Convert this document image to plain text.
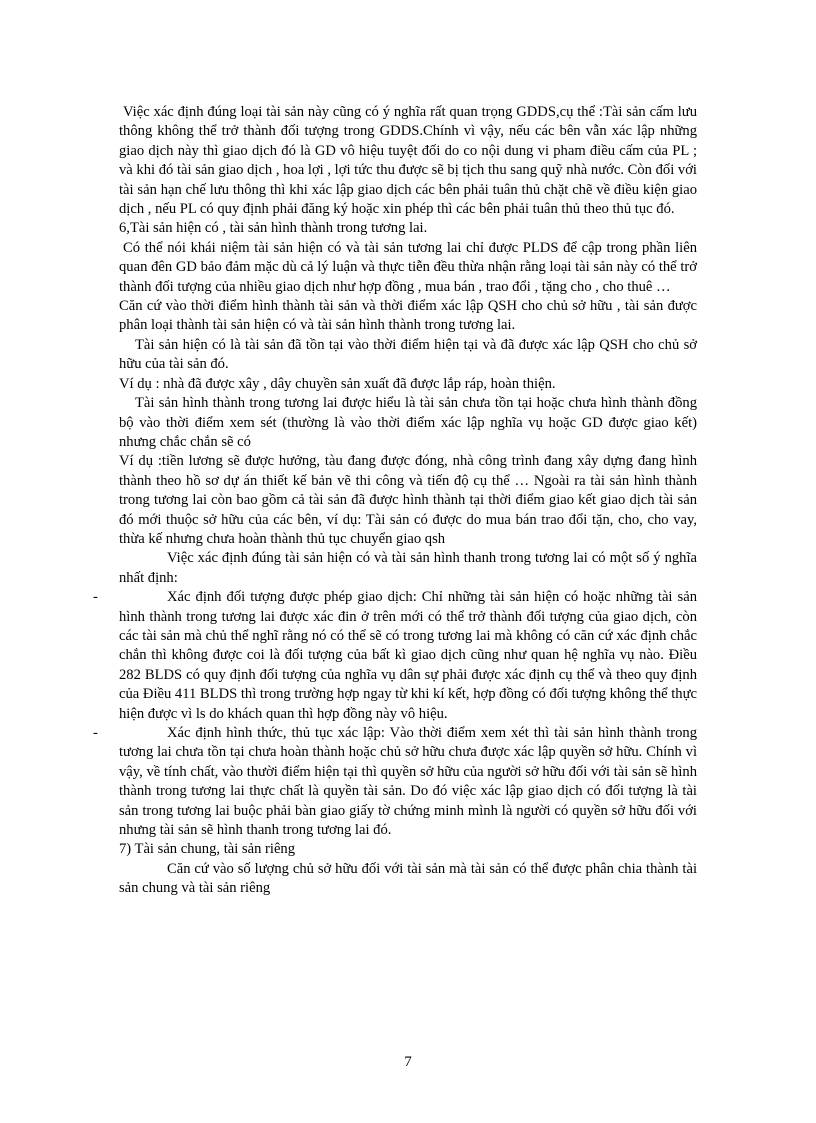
Việc xác định đúng loại tài sản này cũng có ý nghĩa rất quan trọng GDDS,cụ thể :Tài sản cấm lưu thông không thể trở thành đối tượng trong GDDS.Chính vì vậy, nếu các bên vẫn xác lập những giao dịch này thì giao dịch đó là GD vô hiệu tuyệt đối do co nội dung vi pham điều cấm của PL ; và khi đó tài sản giao dịch , hoa lợi , lợi tức thu được sẽ bị tịch thu sang quỹ nhà nước. Còn đối với tài sản hạn chế lưu thông thì khi xác lập giao dịch các bên phải tuân thủ chặt chẽ về điều kiện giao dịch , nếu PL có quy định phải đăng ký hoặc xin phép thì các bên phải tuân thủ theo thủ tục đó.

6,Tài sản hiện có , tài sản hình thành trong tương lai.

Có thể nói khái niệm tài sản hiện có và tài sản tương lai chỉ được PLDS để cập trong phần liên quan đên GD bảo đảm mặc dù cả lý luận và thực tiễn đều thừa nhận rằng loại tài sản này có thể trở thành đối tượng của nhiều giao dịch như hợp đồng , mua bán , trao đổi , tặng cho , cho thuê …

Căn cứ vào thời điểm hình thành tài sản và thời điểm xác lập QSH cho chủ sở hữu , tài sản được phân loại thành tài sản hiện có và tài sản hình thành trong tương lai.

Tài sản hiện có là tài sản đã tồn tại vào thời điểm hiện tại và đã được xác lập QSH cho chủ sở hữu của tài sản đó.

Ví dụ : nhà đã được xây , dây chuyền sản xuất đã được lắp ráp, hoàn thiện.

Tài sản hình thành trong tương lai được hiểu là tài sản chưa tồn tại hoặc chưa hình thành đồng bộ vào thời điểm xem sét (thường là vào thời điểm xác lập nghĩa vụ hoặc GD được giao kết) nhưng chắc chắn sẽ có

Ví dụ :tiền lương sẽ được hưởng, tàu đang được đóng, nhà công trình đang xây dựng đang hình thành theo hồ sơ dự án thiết kế bản vẽ thi công và tiến độ cụ thể … Ngoài ra tài sản hình thành trong tương lai còn bao gồm cả tài sản đã được hình thành tại thời điểm giao kết giao dịch tài sản đó mới thuộc sở hữu của các bên, ví dụ: Tài sản có được do mua bán trao đổi tặn, cho, cho vay, thừa kế nhưng chưa hoàn thành thủ tục chuyển giao qsh

Việc xác định đúng tài sản hiện có và tài sản hình thanh trong tương lai có một số ý nghĩa nhất định:

-	Xác định đối tượng được phép giao dịch: Chỉ những tài sản hiện có hoặc những tài sản hình thành trong tương lai được xác đin ở trên mới có thể trở thành đối tượng của giao dịch, còn các tài sản mà chủ thể nghĩ rằng nó có thể sẽ có trong tương lai mà không có căn cứ xác định chắc chắn thì không được coi là đối tượng của bất kì giao dịch cũng như quan hệ nghĩa vụ nào. Điều 282 BLDS có quy định đối tượng của nghĩa vụ dân sự phải được xác định cụ thể và theo quy định của Điều 411 BLDS thì trong trường hợp ngay từ khi kí kết, hợp đồng có đối tượng không thể thực hiện được vì ls do khách quan thì hợp đồng này vô hiệu.

-	Xác định hình thức, thủ tục xác lập: Vào thời điểm xem xét thì tài sản hình thành trong tương lai chưa tồn tại chưa hoàn thành hoặc chủ sở hữu chưa được xác lập quyền sở hữu. Chính vì vậy, về tính chất, vào thười điểm hiện tại thì quyền sở hữu của người sở hữu đối với tài sản sẽ hình thành trong tương lai thực chất là quyền tài sản. Do đó việc xác lập giao dịch có đối tượng là tài sản trong tương lai buộc phải bàn giao giấy tờ chứng minh mình là người có quyền sở hữu đối với nhưng tài sản sẽ hình thanh trong tương lai đó.

7) Tài sản chung, tài sản riêng

Căn cứ vào số lượng chủ sở hữu đối với tài sản mà tài sản có thể được phân chia thành tài sản chung và tài sản riêng

7
